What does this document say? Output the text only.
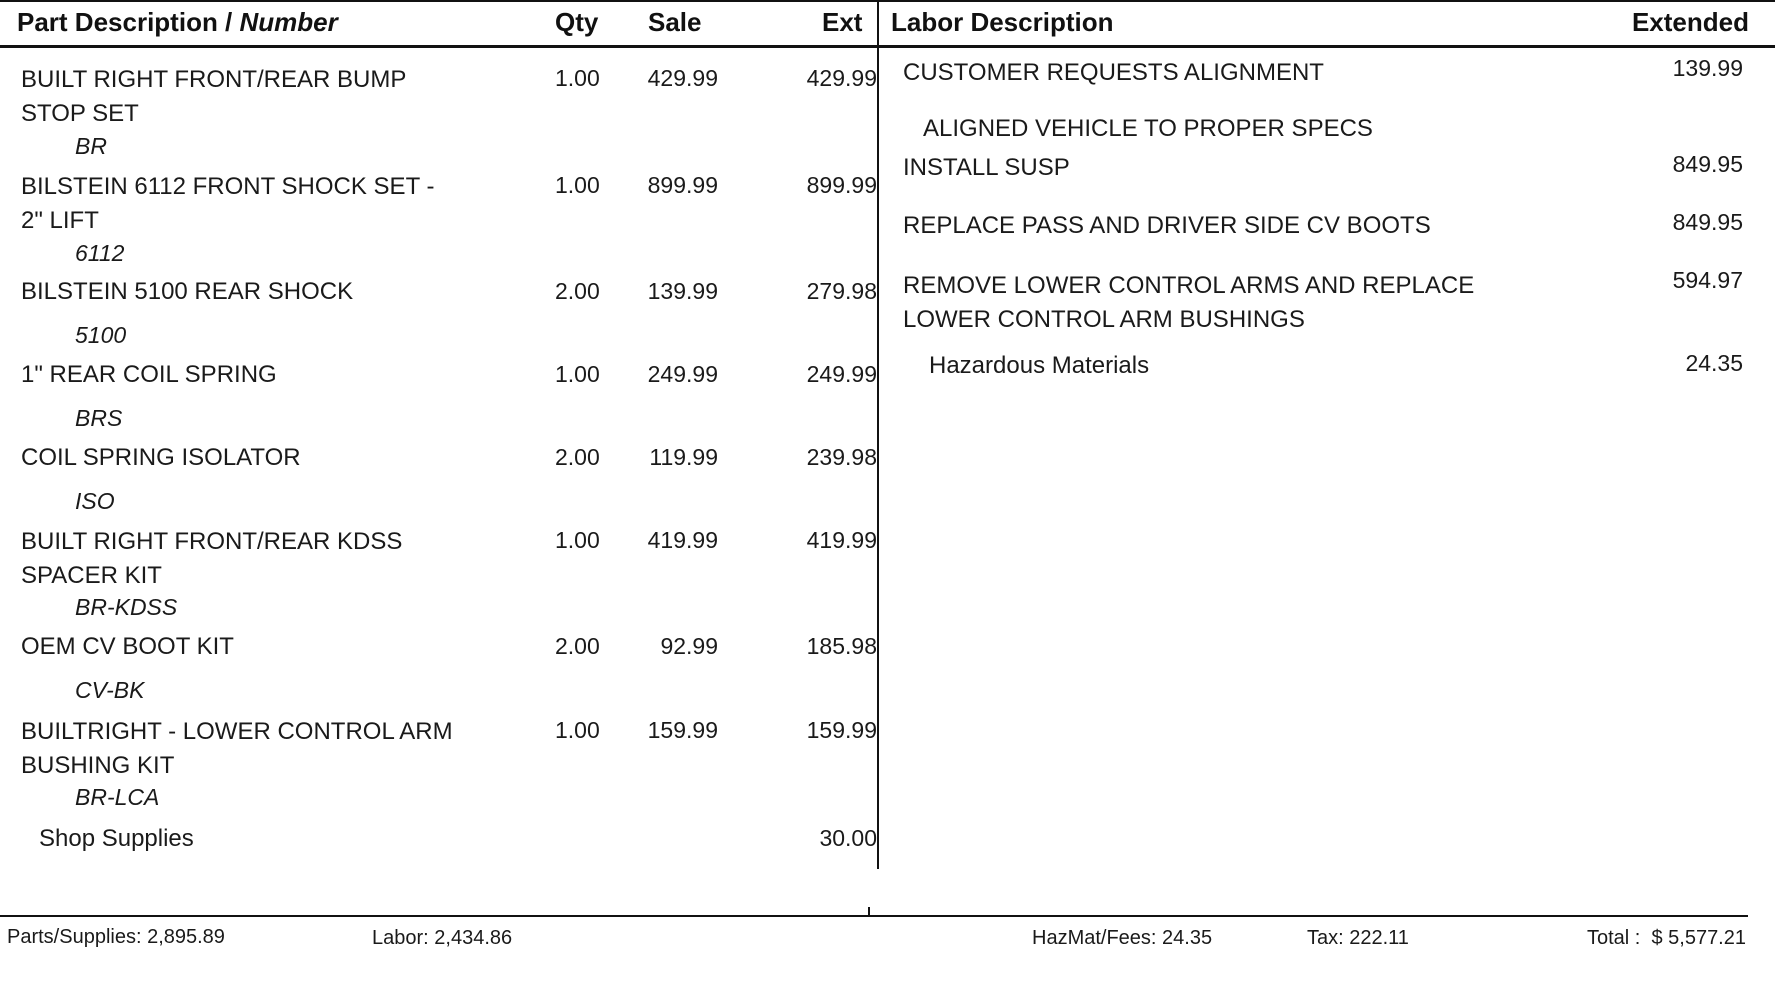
Part Description / Number	Qty Sale	Ext Labor Description	Extended
BUILT RIGHT FRONT/REAR BUMP
STOP SET
BR
1.00 429.99	429.99
BILSTEIN 6112 FRONT SHOCK SET -
2" LIFT
6112
1.00 899.99	899.99
BILSTEIN 5100 REAR SHOCK
5100
2.00 139.99	279.98
1" REAR COIL SPRING
BRS
1.00 249.99	249.99
COIL SPRING ISOLATOR
ISO
2.00 119.99	239.98
BUILT RIGHT FRONT/REAR KDSS
SPACER KIT
BR-KDSS
1.00 419.99	419.99
OEM CV BOOT KIT
CV-BK
2.00	92.99	185.98
BUILTRIGHT - LOWER CONTROL ARM
BUSHING KIT
BR-LCA
1.00 159.99	159.99
Shop Supplies	30.00
CUSTOMER REQUESTS ALIGNMENT	139.99
ALIGNED VEHICLE TO PROPER SPECS
INSTALL SUSP	849.95
REPLACE PASS AND DRIVER SIDE CV BOOTS	849.95
REMOVE LOWER CONTROL ARMS AND REPLACE
LOWER CONTROL ARM BUSHINGS
594.97
Hazardous Materials	24.35
Parts/Supplies: 2,895.89	Labor: 2,434.86	HazMat/Fees: 24.35	Tax: 222.11	Total :  $ 5,577.21
